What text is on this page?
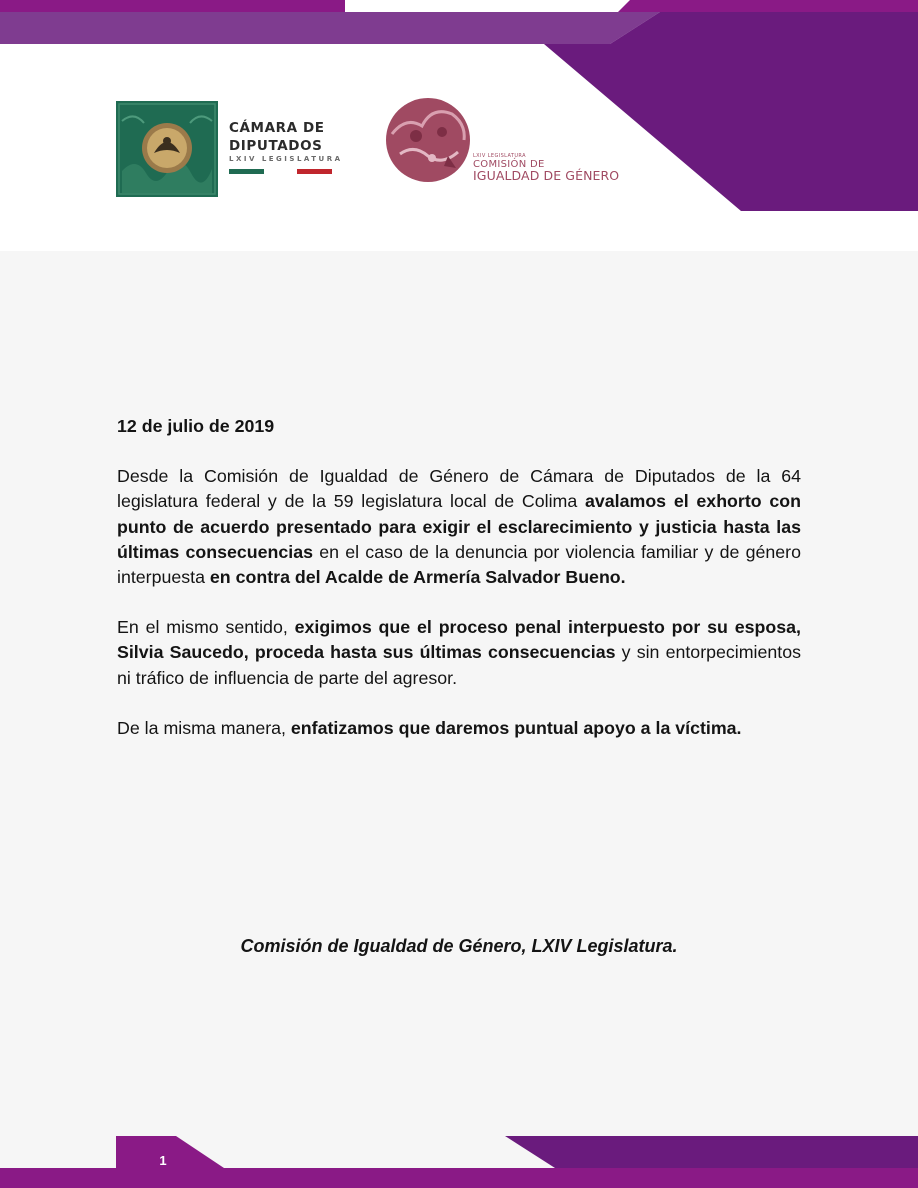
CÁMARA DE
DIPUTADOS
LXIV LEGISLATURA	LXIV LEGISLATURA
COMISIÓN DE
IGUALDAD DE GÉNERO

12 de julio de 2019

Desde la Comisión de Igualdad de Género de Cámara de Diputados de la 64 legislatura federal y de la 59 legislatura local de Colima avalamos el exhorto con punto de acuerdo presentado para exigir el esclarecimiento y justicia hasta las últimas consecuencias en el caso de la denuncia por violencia familiar y de género interpuesta en contra del Acalde de Armería Salvador Bueno.

En el mismo sentido, exigimos que el proceso penal interpuesto por su esposa, Silvia Saucedo, proceda hasta sus últimas consecuencias y sin entorpecimientos ni tráfico de influencia de parte del agresor.

De la misma manera, enfatizamos que daremos puntual apoyo a la víctima.

Comisión de Igualdad de Género, LXIV Legislatura.
1
